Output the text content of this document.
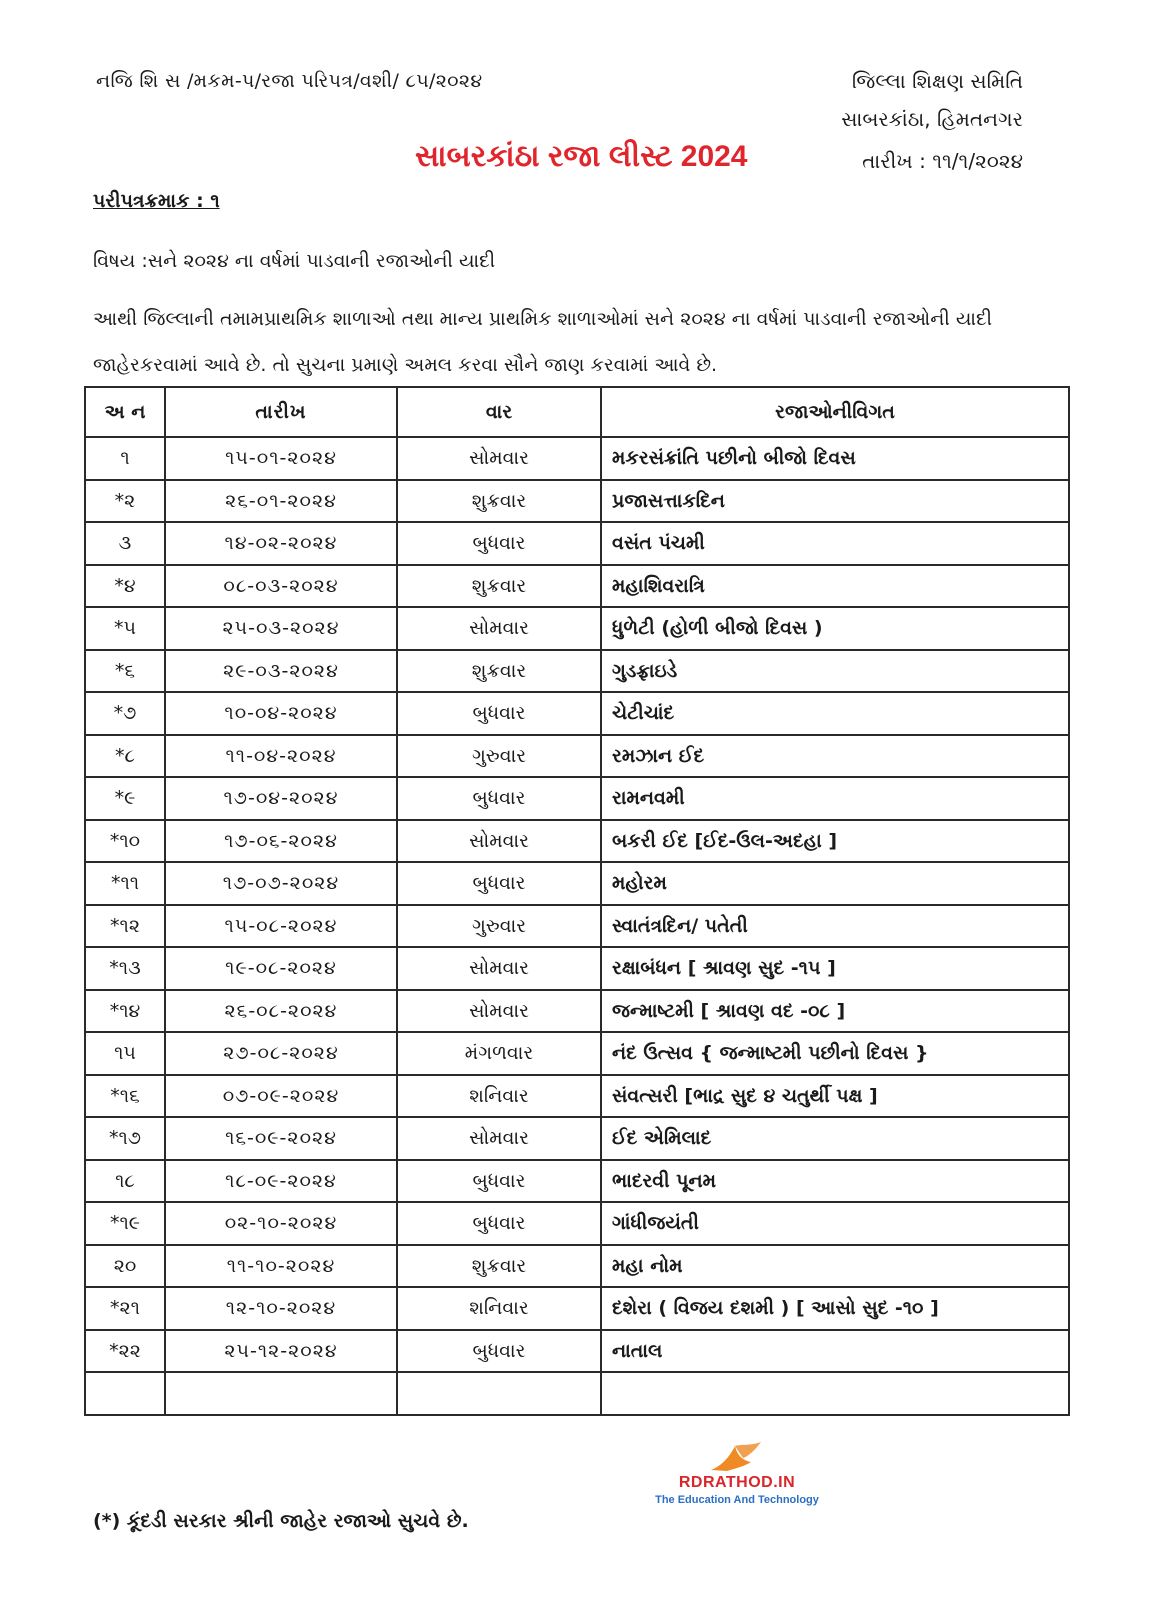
નજિ શિ સ /મકમ-પ/રજા પરિપત્ર/વશી/ ૮૫/૨૦૨૪	જિલ્લા શિક્ષણ સમિતિ
સાબરકાંઠા, હિમતનગર
તારીખ : ૧૧/૧/૨૦૨૪
સાબરકાંઠા રજા લીસ્ટ 2024
પરીપત્રક્રમાક : ૧
વિષય :સને ૨૦૨૪ ના વર્ષમાં પાડવાની રજાઓની યાદી
આથી જિલ્લાની તમામપ્રાથમિક શાળાઓ તથા માન્ય પ્રાથમિક શાળાઓમાં સને ૨૦૨૪ ના વર્ષમાં પાડવાની રજાઓની યાદી
જાહેરકરવામાં આવે છે. તો સુચના પ્રમાણે અમલ કરવા સૌને જાણ કરવામાં આવે છે.
અ ન	તારીખ	વાર	રજાઓનીવિગત
૧	૧૫-૦૧-૨૦૨૪	સોમવાર	મકરસંક્રાંતિ પછીનો બીજો દિવસ
*૨	૨૬-૦૧-૨૦૨૪	શુક્રવાર	પ્રજાસત્તાકદિન
૩	૧૪-૦૨-૨૦૨૪	બુધવાર	વસંત પંચમી
*૪	૦૮-૦૩-૨૦૨૪	શુક્રવાર	મહાશિવરાત્રિ
*૫	૨૫-૦૩-૨૦૨૪	સોમવાર	ધુળેટી (હોળી બીજો દિવસ )
*૬	૨૯-૦૩-૨૦૨૪	શુક્રવાર	ગુડફ્રાઇડે
*૭	૧૦-૦૪-૨૦૨૪	બુધવાર	ચેટીચાંદ
*૮	૧૧-૦૪-૨૦૨૪	ગુરુવાર	રમઝાન ઈદ
*૯	૧૭-૦૪-૨૦૨૪	બુધવાર	રામનવમી
*૧૦	૧૭-૦૬-૨૦૨૪	સોમવાર	બકરી ઈદ [ઈદ-ઉલ-અદહા ]
*૧૧	૧૭-૦૭-૨૦૨૪	બુધવાર	મહોરમ
*૧૨	૧૫-૦૮-૨૦૨૪	ગુરુવાર	સ્વાતંત્રદિન/ પતેતી
*૧૩	૧૯-૦૮-૨૦૨૪	સોમવાર	રક્ષાબંધન [ શ્રાવણ સુદ -૧૫ ]
*૧૪	૨૬-૦૮-૨૦૨૪	સોમવાર	જન્માષ્ટમી [ શ્રાવણ વદ -૦૮ ]
૧૫	૨૭-૦૮-૨૦૨૪	મંગળવાર	નંદ ઉત્સવ { જન્માષ્ટમી પછીનો દિવસ }
*૧૬	૦૭-૦૯-૨૦૨૪	શનિવાર	સંવત્સરી [ભાદ્ર સુદ ૪ ચતુર્થી પક્ષ ]
*૧૭	૧૬-૦૯-૨૦૨૪	સોમવાર	ઈદ એમિલાદ
૧૮	૧૮-૦૯-૨૦૨૪	બુધવાર	ભાદરવી પૂનમ
*૧૯	૦૨-૧૦-૨૦૨૪	બુધવાર	ગાંધીજયંતી
૨૦	૧૧-૧૦-૨૦૨૪	શુક્રવાર	મહા નોમ
*૨૧	૧૨-૧૦-૨૦૨૪	શનિવાર	દશેરા ( વિજય દશમી ) [ આસો સુદ -૧૦ ]
*૨૨	૨૫-૧૨-૨૦૨૪	બુધવાર	નાતાલ

(*) કૂંદડી સરકાર શ્રીની જાહેર રજાઓ સુચવે છે.
RDRATHOD.IN
The Education And Technology
